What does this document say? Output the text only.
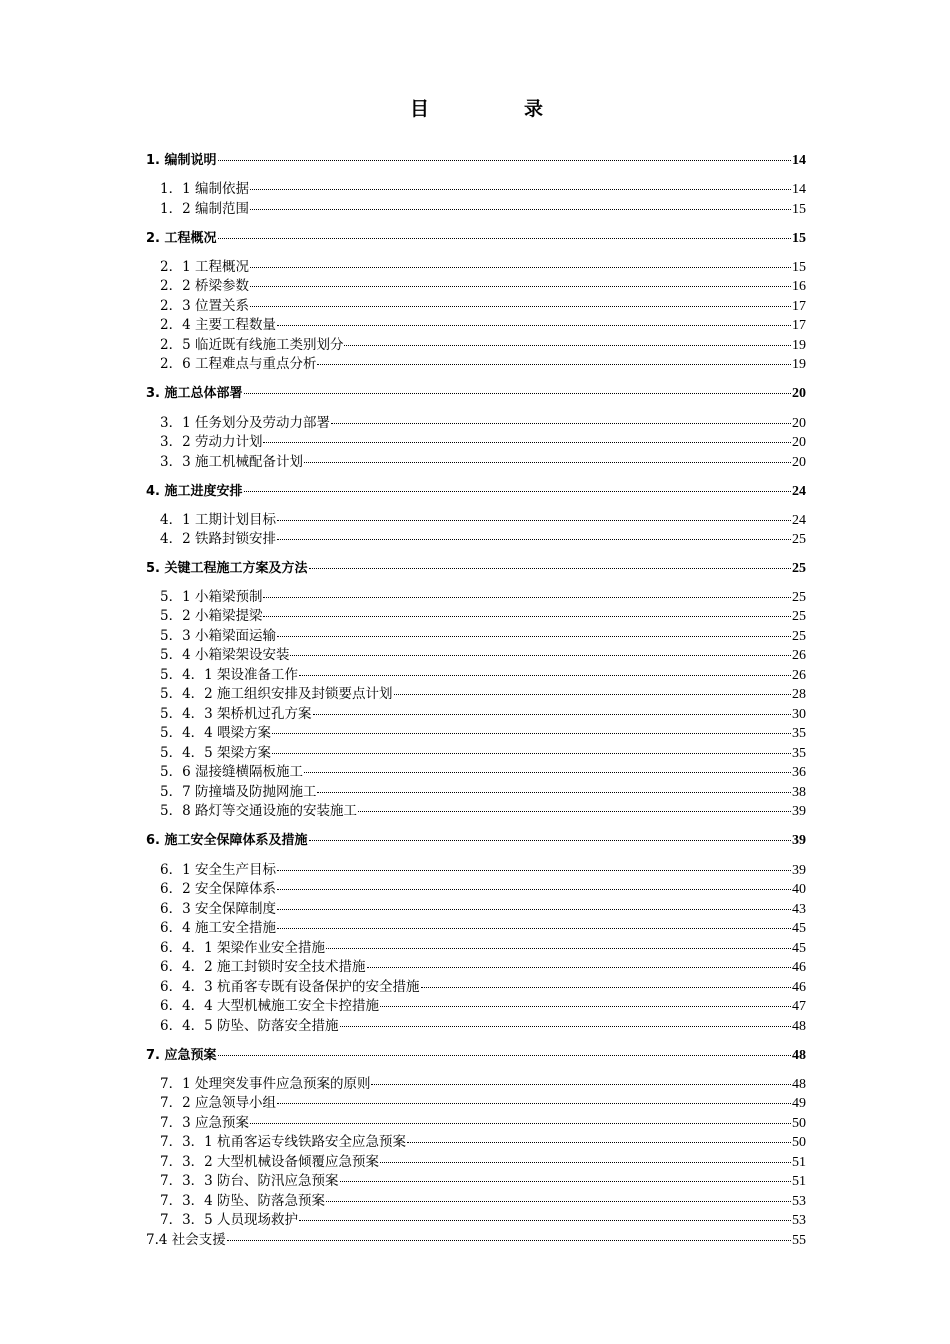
目	录
1. 编制说明	14
1．1 编制依据	14
1．2 编制范围	15
2. 工程概况	15
2．1 工程概况	15
2．2 桥梁参数	16
2．3 位置关系	17
2．4 主要工程数量	17
2．5 临近既有线施工类别划分	19
2．6 工程难点与重点分析	19
3. 施工总体部署	20
3．1 任务划分及劳动力部署	20
3．2 劳动力计划	20
3．3 施工机械配备计划	20
4. 施工进度安排	24
4．1 工期计划目标	24
4．2 铁路封锁安排	25
5. 关键工程施工方案及方法	25
5．1 小箱梁预制	25
5．2 小箱梁提梁	25
5．3 小箱梁面运输	25
5．4 小箱梁架设安装	26
5．4．1 架设准备工作	26
5．4．2 施工组织安排及封锁要点计划	28
5．4．3 架桥机过孔方案	30
5．4．4 喂梁方案	35
5．4．5 架梁方案	35
5．6 湿接缝横隔板施工	36
5．7 防撞墙及防抛网施工	38
5．8 路灯等交通设施的安装施工	39
6. 施工安全保障体系及措施	39
6．1 安全生产目标	39
6．2 安全保障体系	40
6．3 安全保障制度	43
6．4 施工安全措施	45
6．4．1 架梁作业安全措施	45
6．4．2 施工封锁时安全技术措施	46
6．4．3 杭甬客专既有设备保护的安全措施	46
6．4．4 大型机械施工安全卡控措施	47
6．4．5 防坠、防落安全措施	48
7. 应急预案	48
7．1 处理突发事件应急预案的原则	48
7．2 应急领导小组	49
7．3 应急预案	50
7．3．1 杭甬客运专线铁路安全应急预案	50
7．3．2 大型机械设备倾覆应急预案	51
7．3．3 防台、防汛应急预案	51
7．3．4 防坠、防落急预案	53
7．3．5 人员现场救护	53
7.4 社会支援	55
